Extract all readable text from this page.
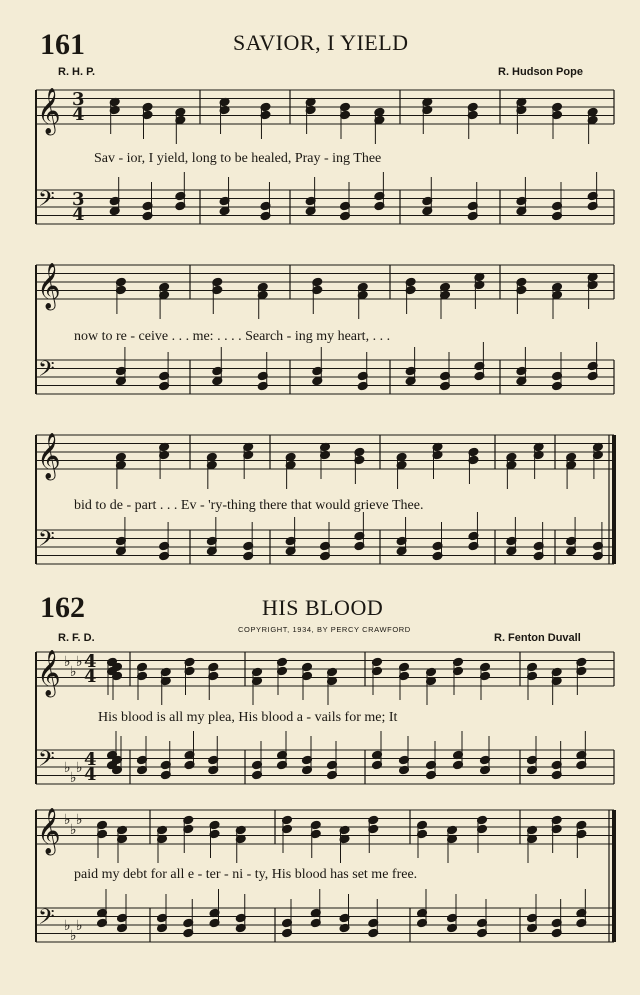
161	SAVIOR, I YIELD
R. H. P.	R. Hudson Pope
Sav - ior, I yield, long to be healed, Pray - ing Thee
now to re - ceive . . . me: . . . . Search - ing my heart, . . .
bid to de - part . . . Ev - 'ry-thing there that would grieve Thee.
162	HIS BLOOD
COPYRIGHT, 1934, BY PERCY CRAWFORD
R. F. D.	R. Fenton Duvall
His blood is all my plea, His blood a - vails for me; It
paid my debt for all e - ter - ni - ty, His blood has set me free.
𝄞
𝄢
𝄞
𝄢
𝄞
𝄢
𝄞
𝄢
♭
♭
♭
♭
♭
♭
𝄞
𝄢
♭
♭
♭
♭
♭
♭
3
4
3
4
4
4
4
4
